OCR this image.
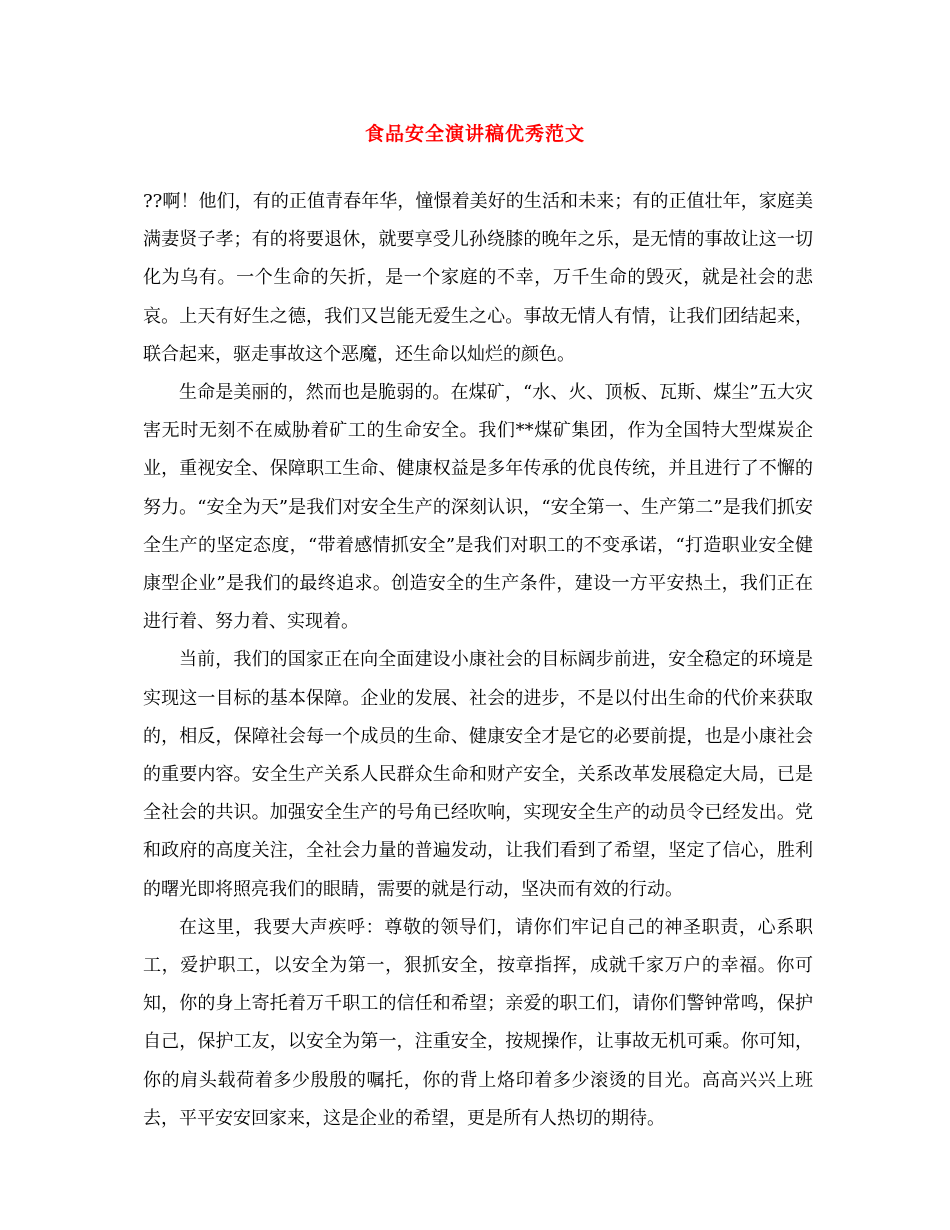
食品安全演讲稿优秀范文

??啊！他们，有的正值青春年华，憧憬着美好的生活和未来；有的正值壮年，家庭美满妻贤子孝；有的将要退休，就要享受儿孙绕膝的晚年之乐，是无情的事故让这一切化为乌有。一个生命的矢折，是一个家庭的不幸，万千生命的毁灭，就是社会的悲哀。上天有好生之德，我们又岂能无爱生之心。事故无情人有情，让我们团结起来，联合起来，驱走事故这个恶魔，还生命以灿烂的颜色。

生命是美丽的，然而也是脆弱的。在煤矿，“水、火、顶板、瓦斯、煤尘”五大灾害无时无刻不在威胁着矿工的生命安全。我们**煤矿集团，作为全国特大型煤炭企业，重视安全、保障职工生命、健康权益是多年传承的优良传统，并且进行了不懈的努力。“安全为天”是我们对安全生产的深刻认识，“安全第一、生产第二”是我们抓安全生产的坚定态度，“带着感情抓安全”是我们对职工的不变承诺，“打造职业安全健康型企业”是我们的最终追求。创造安全的生产条件，建设一方平安热土，我们正在进行着、努力着、实现着。

当前，我们的国家正在向全面建设小康社会的目标阔步前进，安全稳定的环境是实现这一目标的基本保障。企业的发展、社会的进步，不是以付出生命的代价来获取的，相反，保障社会每一个成员的生命、健康安全才是它的必要前提，也是小康社会的重要内容。安全生产关系人民群众生命和财产安全，关系改革发展稳定大局，已是全社会的共识。加强安全生产的号角已经吹响，实现安全生产的动员令已经发出。党和政府的高度关注，全社会力量的普遍发动，让我们看到了希望，坚定了信心，胜利的曙光即将照亮我们的眼睛，需要的就是行动，坚决而有效的行动。

在这里，我要大声疾呼：尊敬的领导们，请你们牢记自己的神圣职责，心系职工，爱护职工，以安全为第一，狠抓安全，按章指挥，成就千家万户的幸福。你可知，你的身上寄托着万千职工的信任和希望；亲爱的职工们，请你们警钟常鸣，保护自己，保护工友，以安全为第一，注重安全，按规操作，让事故无机可乘。你可知，你的肩头载荷着多少殷殷的嘱托，你的背上烙印着多少滚烫的目光。高高兴兴上班去，平平安安回家来，这是企业的希望，更是所有人热切的期待。
